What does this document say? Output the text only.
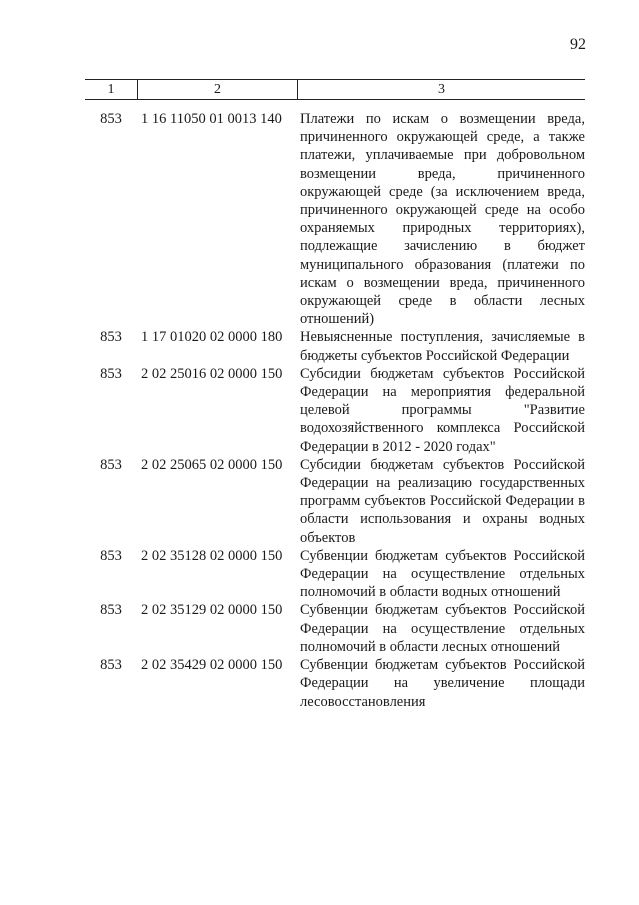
92
1	2	3
853	1 16 11050 01 0013 140	Платежи по искам о возмещении вреда, причиненного окружающей среде, а также платежи, уплачиваемые при добровольном возмещении вреда, причиненного окружающей среде (за исключением вреда, причиненного окружающей среде на особо охраняемых природных территориях), подлежащие зачислению в бюджет муниципального образования (платежи по искам о возмещении вреда, причиненного окружающей среде в области лесных отношений)
853	1 17 01020 02 0000 180	Невыясненные поступления, зачисляемые в бюджеты субъектов Российской Федерации
853	2 02 25016 02 0000 150	Субсидии бюджетам субъектов Российской Федерации на мероприятия федеральной целевой программы "Развитие водохозяйственного комплекса Российской Федерации в 2012 - 2020 годах"
853	2 02 25065 02 0000 150	Субсидии бюджетам субъектов Российской Федерации на реализацию государственных программ субъектов Российской Федерации в области использования и охраны водных объектов
853	2 02 35128 02 0000 150	Субвенции бюджетам субъектов Российской Федерации на осуществление отдельных полномочий в области водных отношений
853	2 02 35129 02 0000 150	Субвенции бюджетам субъектов Российской Федерации на осуществление отдельных полномочий в области лесных отношений
853	2 02 35429 02 0000 150	Субвенции бюджетам субъектов Российской Федерации на увеличение площади лесовосстановления
